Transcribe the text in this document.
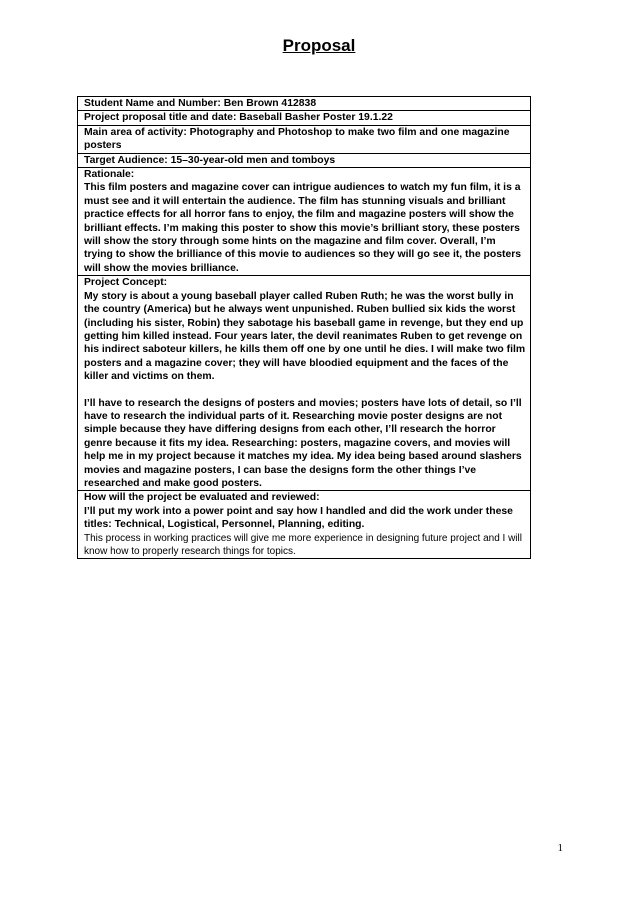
Proposal
Student Name and Number: Ben Brown 412838
Project proposal title and date: Baseball Basher Poster 19.1.22
Main area of activity: Photography and Photoshop to make two film and one magazine posters
Target Audience: 15–30-year-old men and tomboys
Rationale:
This film posters and magazine cover can intrigue audiences to watch my fun film, it is a must see and it will entertain the audience. The film has stunning visuals and brilliant practice effects for all horror fans to enjoy, the film and magazine posters will show the brilliant effects. I’m making this poster to show this movie’s brilliant story, these posters will show the story through some hints on the magazine and film cover. Overall, I’m trying to show the brilliance of this movie to audiences so they will go see it, the posters will show the movies brilliance.
Project Concept:
My story is about a young baseball player called Ruben Ruth; he was the worst bully in the country (America) but he always went unpunished. Ruben bullied six kids the worst (including his sister, Robin) they sabotage his baseball game in revenge, but they end up getting him killed instead. Four years later, the devil reanimates Ruben to get revenge on his indirect saboteur killers, he kills them off one by one until he dies. I will make two film posters and a magazine cover; they will have bloodied equipment and the faces of the killer and victims on them.
I’ll have to research the designs of posters and movies; posters have lots of detail, so I’ll have to research the individual parts of it. Researching movie poster designs are not simple because they have differing designs from each other, I’ll research the horror genre because it fits my idea. Researching: posters, magazine covers, and movies will help me in my project because it matches my idea. My idea being based around slashers movies and magazine posters, I can base the designs form the other things I’ve researched and make good posters.
How will the project be evaluated and reviewed:
I’ll put my work into a power point and say how I handled and did the work under these titles: Technical, Logistical, Personnel, Planning, editing.
This process in working practices will give me more experience in designing future project and I will know how to properly research things for topics.
1
